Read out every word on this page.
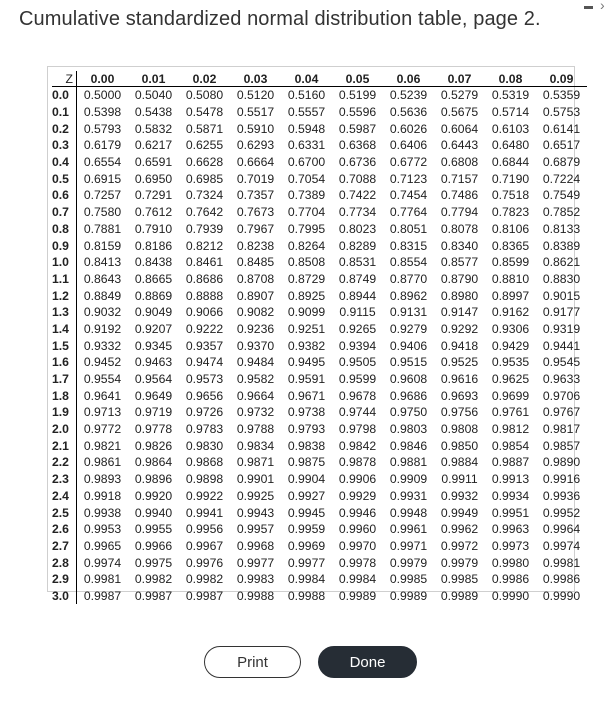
Cumulative standardized normal distribution table, page 2.
›
Z	0.00	0.01	0.02	0.03	0.04	0.05	0.06	0.07	0.08	0.09
0.0	0.5000	0.5040	0.5080	0.5120	0.5160	0.5199	0.5239	0.5279	0.5319	0.5359
0.1	0.5398	0.5438	0.5478	0.5517	0.5557	0.5596	0.5636	0.5675	0.5714	0.5753
0.2	0.5793	0.5832	0.5871	0.5910	0.5948	0.5987	0.6026	0.6064	0.6103	0.6141
0.3	0.6179	0.6217	0.6255	0.6293	0.6331	0.6368	0.6406	0.6443	0.6480	0.6517
0.4	0.6554	0.6591	0.6628	0.6664	0.6700	0.6736	0.6772	0.6808	0.6844	0.6879
0.5	0.6915	0.6950	0.6985	0.7019	0.7054	0.7088	0.7123	0.7157	0.7190	0.7224
0.6	0.7257	0.7291	0.7324	0.7357	0.7389	0.7422	0.7454	0.7486	0.7518	0.7549
0.7	0.7580	0.7612	0.7642	0.7673	0.7704	0.7734	0.7764	0.7794	0.7823	0.7852
0.8	0.7881	0.7910	0.7939	0.7967	0.7995	0.8023	0.8051	0.8078	0.8106	0.8133
0.9	0.8159	0.8186	0.8212	0.8238	0.8264	0.8289	0.8315	0.8340	0.8365	0.8389
1.0	0.8413	0.8438	0.8461	0.8485	0.8508	0.8531	0.8554	0.8577	0.8599	0.8621
1.1	0.8643	0.8665	0.8686	0.8708	0.8729	0.8749	0.8770	0.8790	0.8810	0.8830
1.2	0.8849	0.8869	0.8888	0.8907	0.8925	0.8944	0.8962	0.8980	0.8997	0.9015
1.3	0.9032	0.9049	0.9066	0.9082	0.9099	0.9115	0.9131	0.9147	0.9162	0.9177
1.4	0.9192	0.9207	0.9222	0.9236	0.9251	0.9265	0.9279	0.9292	0.9306	0.9319
1.5	0.9332	0.9345	0.9357	0.9370	0.9382	0.9394	0.9406	0.9418	0.9429	0.9441
1.6	0.9452	0.9463	0.9474	0.9484	0.9495	0.9505	0.9515	0.9525	0.9535	0.9545
1.7	0.9554	0.9564	0.9573	0.9582	0.9591	0.9599	0.9608	0.9616	0.9625	0.9633
1.8	0.9641	0.9649	0.9656	0.9664	0.9671	0.9678	0.9686	0.9693	0.9699	0.9706
1.9	0.9713	0.9719	0.9726	0.9732	0.9738	0.9744	0.9750	0.9756	0.9761	0.9767
2.0	0.9772	0.9778	0.9783	0.9788	0.9793	0.9798	0.9803	0.9808	0.9812	0.9817
2.1	0.9821	0.9826	0.9830	0.9834	0.9838	0.9842	0.9846	0.9850	0.9854	0.9857
2.2	0.9861	0.9864	0.9868	0.9871	0.9875	0.9878	0.9881	0.9884	0.9887	0.9890
2.3	0.9893	0.9896	0.9898	0.9901	0.9904	0.9906	0.9909	0.9911	0.9913	0.9916
2.4	0.9918	0.9920	0.9922	0.9925	0.9927	0.9929	0.9931	0.9932	0.9934	0.9936
2.5	0.9938	0.9940	0.9941	0.9943	0.9945	0.9946	0.9948	0.9949	0.9951	0.9952
2.6	0.9953	0.9955	0.9956	0.9957	0.9959	0.9960	0.9961	0.9962	0.9963	0.9964
2.7	0.9965	0.9966	0.9967	0.9968	0.9969	0.9970	0.9971	0.9972	0.9973	0.9974
2.8	0.9974	0.9975	0.9976	0.9977	0.9977	0.9978	0.9979	0.9979	0.9980	0.9981
2.9	0.9981	0.9982	0.9982	0.9983	0.9984	0.9984	0.9985	0.9985	0.9986	0.9986
3.0	0.9987	0.9987	0.9987	0.9988	0.9988	0.9989	0.9989	0.9989	0.9990	0.9990
Print	Done
